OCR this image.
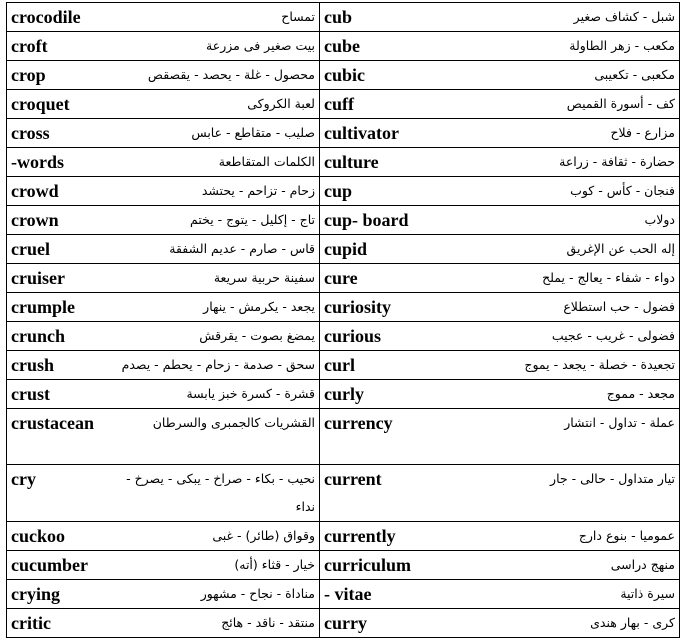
crocodile تمساح	cub شبل - كشاف صغير

croft بيت صغير فى مزرعة	cube مكعب - زهر الطاولة

crop محصول - غلة - يحصد - يقصقص	cubic مكعبى - تكعيبى

croquet لعبة الكروكى	cuff كف - أسورة القميص

cross صليب - متقاطع - عابس	cultivator مزارع - فلاح

-words الكلمات المتقاطعة	culture حضارة - ثقافة - زراعة

crowd زحام - تزاحم - يحتشد	cup فنجان - كأس - كوب

crown تاج - إكليل - يتوج - يختم	cup- board دولاب

cruel قاس - صارم - عديم الشفقة	cupid إله الحب عن الإغريق

cruiser سفينة حربية سريعة	cure دواء - شفاء - يعالج - يملح

crumple يجعد - يكرمش - ينهار	curiosity فضول - حب استطلاع

crunch يمضغ بصوت - يقرقش	curious فضولى - غريب - عجيب

crush سحق - صدمة - زحام - يحطم - يصدم	curl تجعيدة - خصلة - يجعد - يموج

crust قشرة - كسرة خبز يابسة	curly مجعد - مموج

crustacean القشريات كالجمبرى والسرطان	currency عملة - تداول - انتشار

cry نحيب - بكاء - صراخ - يبكى - يصرخ - نداء	current تيار متداول - حالى - جار

cuckoo وقواق (طائر) - غبى	currently عموميا - بنوع دارج

cucumber خيار - قثاء (أته)	curriculum منهج دراسى

crying مناداة - نجاح - مشهور	- vitae سيرة ذاتية

critic منتقد - ناقد - هائج	curry كرى - بهار هندى
